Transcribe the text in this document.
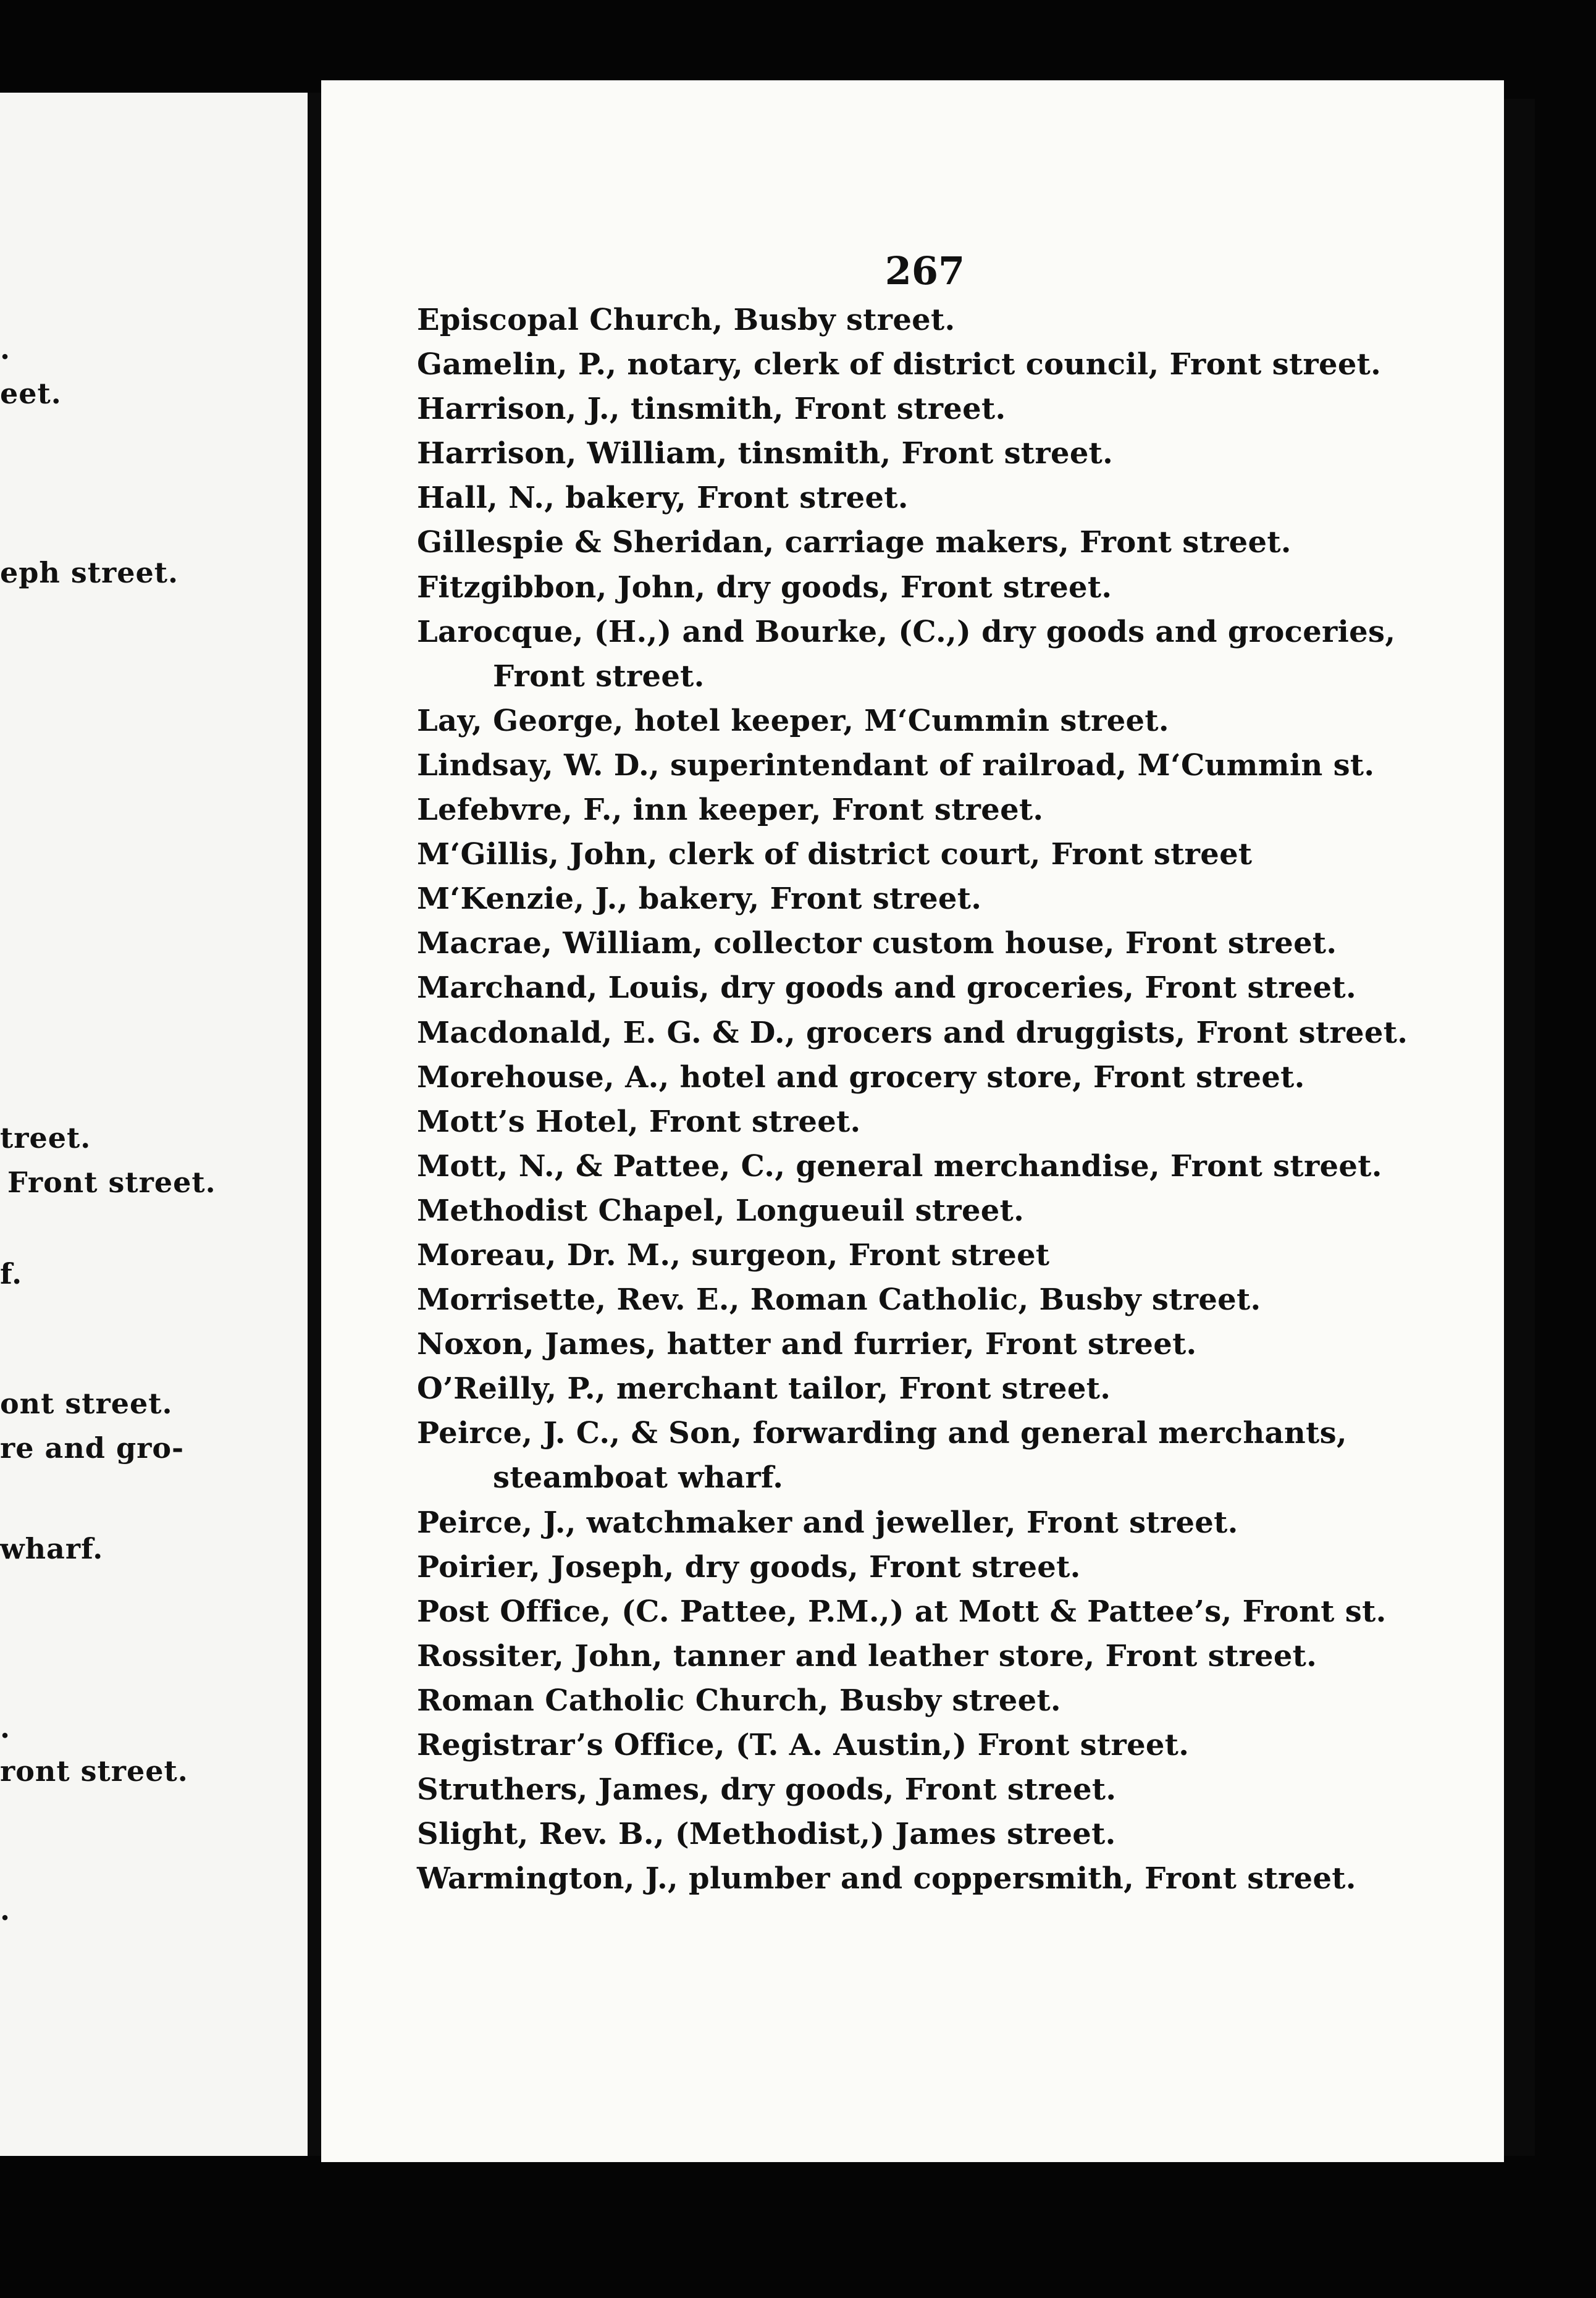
.
eet.
eph street.
treet.
Front street.
f.
ont street.
re and gro-
wharf.
.
ront street.
.
267
Episcopal Church, Busby street.
Gamelin, P., notary, clerk of district council, Front street.
Harrison, J., tinsmith, Front street.
Harrison, William, tinsmith, Front street.
Hall, N., bakery, Front street.
Gillespie & Sheridan, carriage makers, Front street.
Fitzgibbon, John, dry goods, Front street.
Larocque, (H.,) and Bourke, (C.,) dry goods and groceries,
Front street.
Lay, George, hotel keeper, M‘Cummin street.
Lindsay, W. D., superintendant of railroad, M‘Cummin st.
Lefebvre, F., inn keeper, Front street.
M‘Gillis, John, clerk of district court, Front street
M‘Kenzie, J., bakery, Front street.
Macrae, William, collector custom house, Front street.
Marchand, Louis, dry goods and groceries, Front street.
Macdonald, E. G. & D., grocers and druggists, Front street.
Morehouse, A., hotel and grocery store, Front street.
Mott’s Hotel, Front street.
Mott, N., & Pattee, C., general merchandise, Front street.
Methodist Chapel, Longueuil street.
Moreau, Dr. M., surgeon, Front street
Morrisette, Rev. E., Roman Catholic, Busby street.
Noxon, James, hatter and furrier, Front street.
O’Reilly, P., merchant tailor, Front street.
Peirce, J. C., & Son, forwarding and general merchants,
steamboat wharf.
Peirce, J., watchmaker and jeweller, Front street.
Poirier, Joseph, dry goods, Front street.
Post Office, (C. Pattee, P.M.,) at Mott & Pattee’s, Front st.
Rossiter, John, tanner and leather store, Front street.
Roman Catholic Church, Busby street.
Registrar’s Office, (T. A. Austin,) Front street.
Struthers, James, dry goods, Front street.
Slight, Rev. B., (Methodist,) James street.
Warmington, J., plumber and coppersmith, Front street.
